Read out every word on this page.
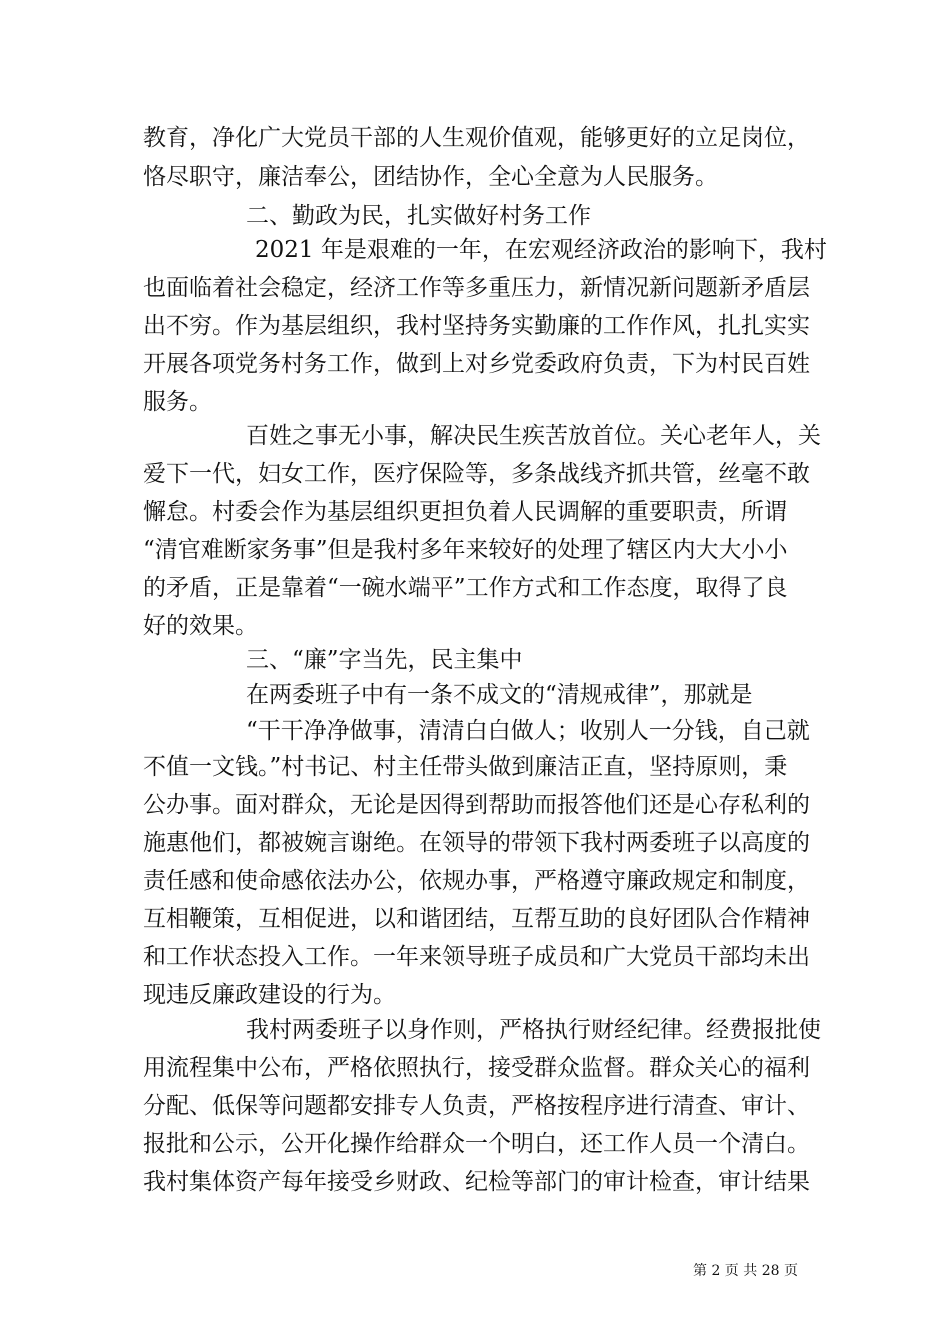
教育，净化广大党员干部的人生观价值观，能够更好的立足岗位，
恪尽职守，廉洁奉公，团结协作，全心全意为人民服务。
二、勤政为民，扎实做好村务工作
2021 年是艰难的一年，在宏观经济政治的影响下，我村
也面临着社会稳定，经济工作等多重压力，新情况新问题新矛盾层
出不穷。作为基层组织，我村坚持务实勤廉的工作作风，扎扎实实
开展各项党务村务工作，做到上对乡党委政府负责，下为村民百姓
服务。
百姓之事无小事，解决民生疾苦放首位。关心老年人，关
爱下一代，妇女工作，医疗保险等，多条战线齐抓共管，丝毫不敢
懈怠。村委会作为基层组织更担负着人民调解的重要职责，所谓
“清官难断家务事”但是我村多年来较好的处理了辖区内大大小小
的矛盾，正是靠着“一碗水端平”工作方式和工作态度，取得了良
好的效果。
三、“廉”字当先，民主集中
在两委班子中有一条不成文的“清规戒律”，那就是
“干干净净做事，清清白白做人；收别人一分钱，自己就
不值一文钱。”村书记、村主任带头做到廉洁正直，坚持原则，秉
公办事。面对群众，无论是因得到帮助而报答他们还是心存私利的
施惠他们，都被婉言谢绝。在领导的带领下我村两委班子以高度的
责任感和使命感依法办公，依规办事，严格遵守廉政规定和制度，
互相鞭策，互相促进，以和谐团结，互帮互助的良好团队合作精神
和工作状态投入工作。一年来领导班子成员和广大党员干部均未出
现违反廉政建设的行为。
我村两委班子以身作则，严格执行财经纪律。经费报批使
用流程集中公布，严格依照执行，接受群众监督。群众关心的福利
分配、低保等问题都安排专人负责，严格按程序进行清查、审计、
报批和公示，公开化操作给群众一个明白，还工作人员一个清白。
我村集体资产每年接受乡财政、纪检等部门的审计检查，审计结果
第 2 页 共 28 页
